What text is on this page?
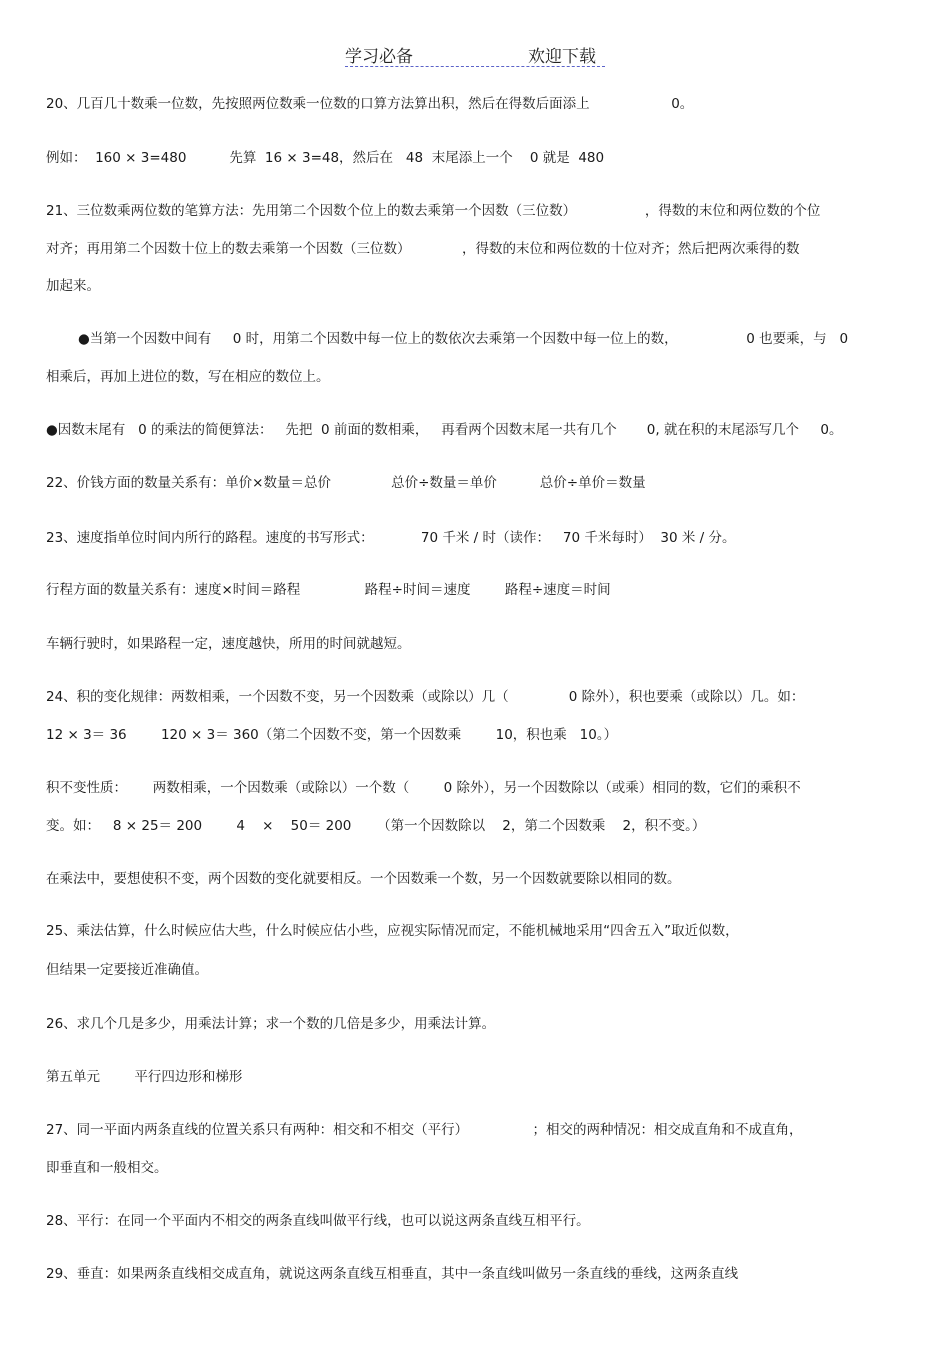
学习必备	欢迎下载
20、几百几十数乘一位数，先按照两位数乘一位数的口算方法算出积，然后在得数后面添上                   0。
例如：  160 × 3=480          先算  16 × 3=48，然后在   48  末尾添上一个    0 就是  480
21、三位数乘两位数的笔算方法：先用第二个因数个位上的数去乘第一个因数（三位数）                ，得数的末位和两位数的个位
对齐；再用第二个因数十位上的数去乘第一个因数（三位数）            ，得数的末位和两位数的十位对齐；然后把两次乘得的数
加起来。
●当第一个因数中间有     0 时，用第二个因数中每一位上的数依次去乘第一个因数中每一位上的数，                0 也要乘，与   0
相乘后，再加上进位的数，写在相应的数位上。
●因数末尾有   0 的乘法的简便算法：   先把  0 前面的数相乘，   再看两个因数末尾一共有几个       0, 就在积的末尾添写几个     0。
22、价钱方面的数量关系有：单价×数量＝总价              总价÷数量＝单价          总价÷单价＝数量
23、速度指单位时间内所行的路程。速度的书写形式：           70 千米 / 时（读作：   70 千米每时）  30 米 / 分。
行程方面的数量关系有：速度×时间＝路程               路程÷时间＝速度        路程÷速度＝时间
车辆行驶时，如果路程一定，速度越快，所用的时间就越短。
24、积的变化规律：两数相乘，一个因数不变，另一个因数乘（或除以）几（              0 除外），积也要乘（或除以）几。如：
12 × 3＝ 36        120 × 3＝ 360（第二个因数不变，第一个因数乘        10，积也乘   10。）
积不变性质：      两数相乘，一个因数乘（或除以）一个数（        0 除外），另一个因数除以（或乘）相同的数，它们的乘积不
变。如：   8 × 25＝ 200        4    ×    50＝ 200      （第一个因数除以    2，第二个因数乘    2，积不变。）
在乘法中，要想使积不变，两个因数的变化就要相反。一个因数乘一个数，另一个因数就要除以相同的数。
25、乘法估算，什么时候应估大些，什么时候应估小些，应视实际情况而定，不能机械地采用“四舍五入”取近似数，
但结果一定要接近准确值。
26、求几个几是多少，用乘法计算；求一个数的几倍是多少，用乘法计算。
第五单元        平行四边形和梯形
27、同一平面内两条直线的位置关系只有两种：相交和不相交（平行）               ；相交的两种情况：相交成直角和不成直角，
即垂直和一般相交。
28、平行：在同一个平面内不相交的两条直线叫做平行线，也可以说这两条直线互相平行。
29、垂直：如果两条直线相交成直角，就说这两条直线互相垂直，其中一条直线叫做另一条直线的垂线，这两条直线
